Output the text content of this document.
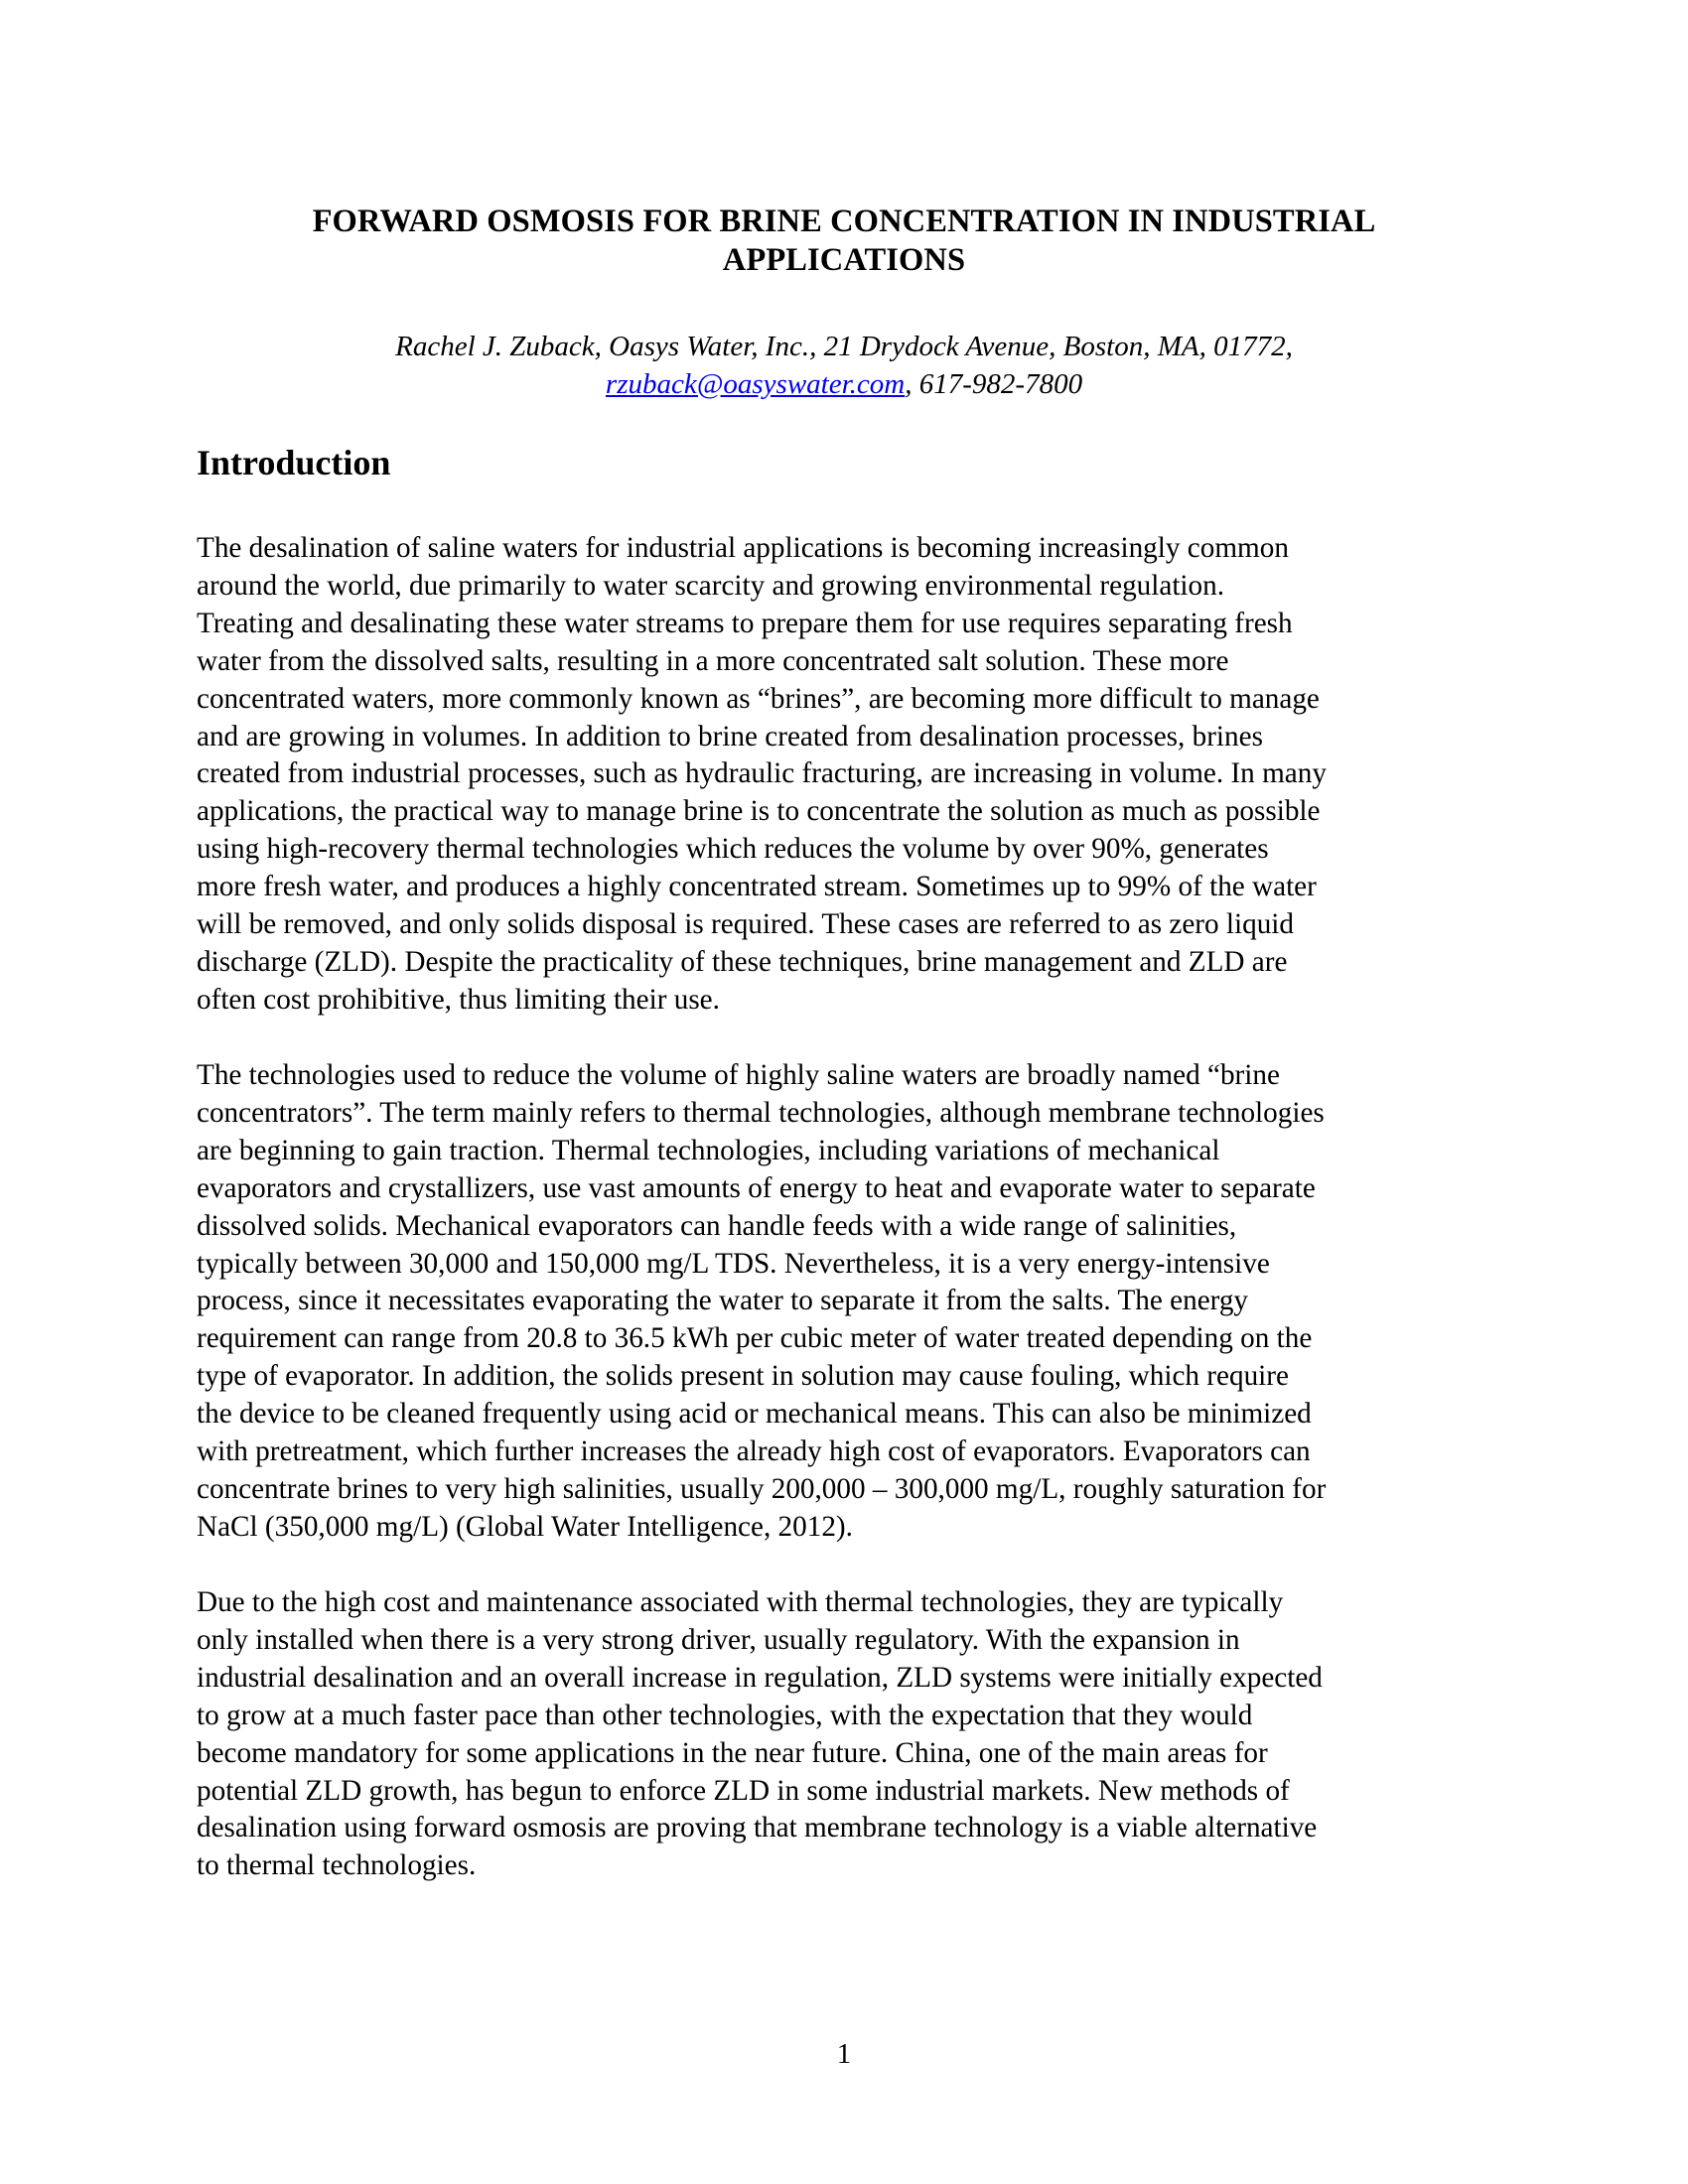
FORWARD OSMOSIS FOR BRINE CONCENTRATION IN INDUSTRIAL
APPLICATIONS
Rachel J. Zuback, Oasys Water, Inc., 21 Drydock Avenue, Boston, MA, 01772,
rzuback@oasyswater.com, 617-982-7800
Introduction
The desalination of saline waters for industrial applications is becoming increasingly common
around the world, due primarily to water scarcity and growing environmental regulation.
Treating and desalinating these water streams to prepare them for use requires separating fresh
water from the dissolved salts, resulting in a more concentrated salt solution. These more
concentrated waters, more commonly known as “brines”, are becoming more difficult to manage
and are growing in volumes. In addition to brine created from desalination processes, brines
created from industrial processes, such as hydraulic fracturing, are increasing in volume. In many
applications, the practical way to manage brine is to concentrate the solution as much as possible
using high-recovery thermal technologies which reduces the volume by over 90%, generates
more fresh water, and produces a highly concentrated stream. Sometimes up to 99% of the water
will be removed, and only solids disposal is required. These cases are referred to as zero liquid
discharge (ZLD). Despite the practicality of these techniques, brine management and ZLD are
often cost prohibitive, thus limiting their use.
The technologies used to reduce the volume of highly saline waters are broadly named “brine
concentrators”. The term mainly refers to thermal technologies, although membrane technologies
are beginning to gain traction. Thermal technologies, including variations of mechanical
evaporators and crystallizers, use vast amounts of energy to heat and evaporate water to separate
dissolved solids. Mechanical evaporators can handle feeds with a wide range of salinities,
typically between 30,000 and 150,000 mg/L TDS. Nevertheless, it is a very energy-intensive
process, since it necessitates evaporating the water to separate it from the salts. The energy
requirement can range from 20.8 to 36.5 kWh per cubic meter of water treated depending on the
type of evaporator. In addition, the solids present in solution may cause fouling, which require
the device to be cleaned frequently using acid or mechanical means. This can also be minimized
with pretreatment, which further increases the already high cost of evaporators. Evaporators can
concentrate brines to very high salinities, usually 200,000 – 300,000 mg/L, roughly saturation for
NaCl (350,000 mg/L) (Global Water Intelligence, 2012).
Due to the high cost and maintenance associated with thermal technologies, they are typically
only installed when there is a very strong driver, usually regulatory. With the expansion in
industrial desalination and an overall increase in regulation, ZLD systems were initially expected
to grow at a much faster pace than other technologies, with the expectation that they would
become mandatory for some applications in the near future. China, one of the main areas for
potential ZLD growth, has begun to enforce ZLD in some industrial markets. New methods of
desalination using forward osmosis are proving that membrane technology is a viable alternative
to thermal technologies.
1
